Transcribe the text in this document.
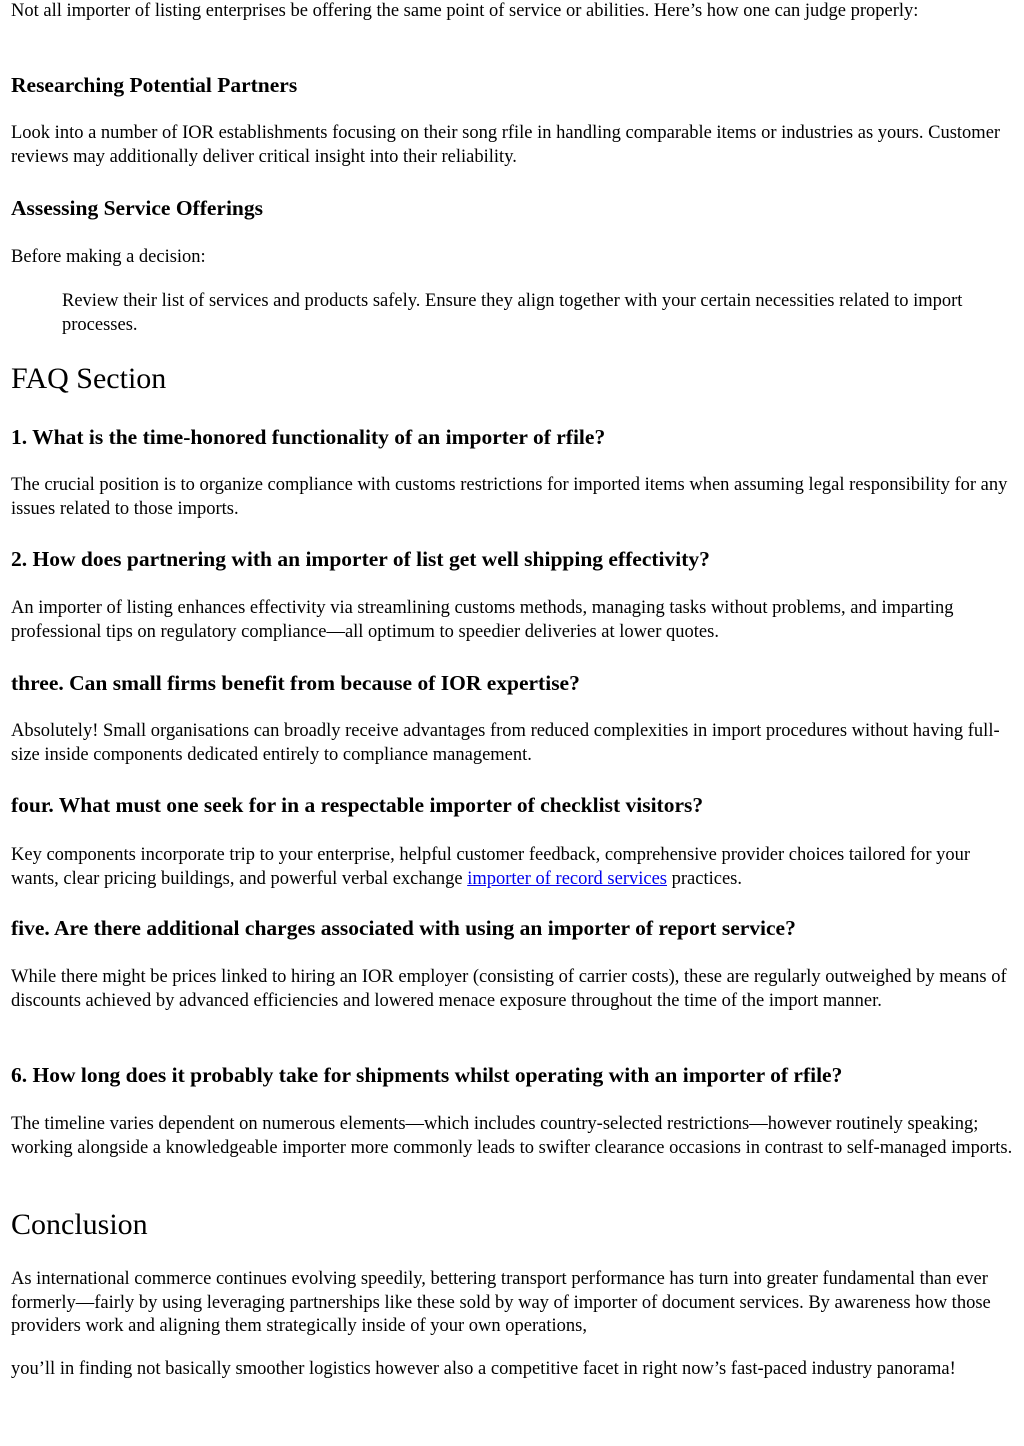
Not all importer of listing enterprises be offering the same point of service or abilities. Here’s how one can judge properly:

Researching Potential Partners

Look into a number of IOR establishments focusing on their song rfile in handling comparable items or industries as yours. Customer reviews may additionally deliver critical insight into their reliability.

Assessing Service Offerings

Before making a decision:

Review their list of services and products safely. Ensure they align together with your certain necessities related to import processes.
FAQ Section
1. What is the time-honored functionality of an importer of rfile?

The crucial position is to organize compliance with customs restrictions for imported items when assuming legal responsibility for any issues related to those imports.

2. How does partnering with an importer of list get well shipping effectivity?

An importer of listing enhances effectivity via streamlining customs methods, managing tasks without problems, and imparting professional tips on regulatory compliance—all optimum to speedier deliveries at lower quotes.

three. Can small firms benefit from because of IOR expertise?

Absolutely! Small organisations can broadly receive advantages from reduced complexities in import procedures without having full-size inside components dedicated entirely to compliance management.

four. What must one seek for in a respectable importer of checklist visitors?

Key components incorporate trip to your enterprise, helpful customer feedback, comprehensive provider choices tailored for your wants, clear pricing buildings, and powerful verbal exchange importer of record services practices.

five. Are there additional charges associated with using an importer of report service?

While there might be prices linked to hiring an IOR employer (consisting of carrier costs), these are regularly outweighed by means of discounts achieved by advanced efficiencies and lowered menace exposure throughout the time of the import manner.

6. How long does it probably take for shipments whilst operating with an importer of rfile?

The timeline varies dependent on numerous elements—which includes country-selected restrictions—however routinely speaking; working alongside a knowledgeable importer more commonly leads to swifter clearance occasions in contrast to self-managed imports.

Conclusion

As international commerce continues evolving speedily, bettering transport performance has turn into greater fundamental than ever formerly—fairly by using leveraging partnerships like these sold by way of importer of document services. By awareness how those providers work and aligning them strategically inside of your own operations,

you’ll in finding not basically smoother logistics however also a competitive facet in right now’s fast-paced industry panorama!
